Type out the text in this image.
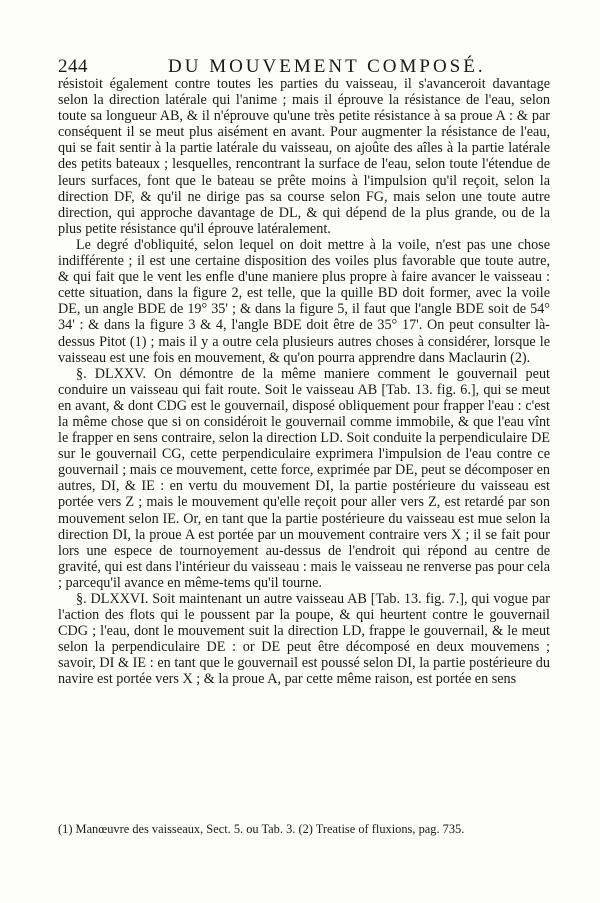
244	DU MOUVEMENT COMPOSÉ.

résistoit également contre toutes les parties du vaisseau, il s'avanceroit davantage selon la direction latérale qui l'anime ; mais il éprouve la résistance de l'eau, selon toute sa longueur AB, & il n'éprouve qu'une très petite résistance à sa proue A : & par conséquent il se meut plus aisément en avant. Pour augmenter la résistance de l'eau, qui se fait sentir à la partie latérale du vaisseau, on ajoûte des aîles à la partie latérale des petits bateaux ; lesquelles, rencontrant la surface de l'eau, selon toute l'étendue de leurs surfaces, font que le bateau se prête moins à l'impulsion qu'il reçoit, selon la direction DF, & qu'il ne dirige pas sa course selon FG, mais selon une toute autre direction, qui approche davantage de DL, & qui dépend de la plus grande, ou de la plus petite résistance qu'il éprouve latéralement.

Le degré d'obliquité, selon lequel on doit mettre à la voile, n'est pas une chose indifférente ; il est une certaine disposition des voiles plus favorable que toute autre, & qui fait que le vent les enfle d'une maniere plus propre à faire avancer le vaisseau : cette situation, dans la figure 2, est telle, que la quille BD doit former, avec la voile DE, un angle BDE de 19° 35' ; & dans la figure 5, il faut que l'angle BDE soit de 54° 34' : & dans la figure 3 & 4, l'angle BDE doit être de 35° 17'. On peut consulter là-dessus Pitot (1) ; mais il y a outre cela plusieurs autres choses à considérer, lorsque le vaisseau est une fois en mouvement, & qu'on pourra apprendre dans Maclaurin (2).

§. DLXXV. On démontre de la même maniere comment le gouvernail peut conduire un vaisseau qui fait route. Soit le vaisseau AB [Tab. 13. fig. 6.], qui se meut en avant, & dont CDG est le gouvernail, disposé obliquement pour frapper l'eau : c'est la même chose que si on considéroit le gouvernail comme immobile, & que l'eau vînt le frapper en sens contraire, selon la direction LD. Soit conduite la perpendiculaire DE sur le gouvernail CG, cette perpendiculaire exprimera l'impulsion de l'eau contre ce gouvernail ; mais ce mouvement, cette force, exprimée par DE, peut se décomposer en autres, DI, & IE : en vertu du mouvement DI, la partie postérieure du vaisseau est portée vers Z ; mais le mouvement qu'elle reçoit pour aller vers Z, est retardé par son mouvement selon IE. Or, en tant que la partie postérieure du vaisseau est mue selon la direction DI, la proue A est portée par un mouvement contraire vers X ; il se fait pour lors une espece de tournoyement au-dessus de l'endroit qui répond au centre de gravité, qui est dans l'intérieur du vaisseau : mais le vaisseau ne renverse pas pour cela ; parcequ'il avance en même-tems qu'il tourne.

§. DLXXVI. Soit maintenant un autre vaisseau AB [Tab. 13. fig. 7.], qui vogue par l'action des flots qui le poussent par la poupe, & qui heurtent contre le gouvernail CDG ; l'eau, dont le mouvement suit la direction LD, frappe le gouvernail, & le meut selon la perpendiculaire DE : or DE peut être décomposé en deux mouvemens ; savoir, DI & IE : en tant que le gouvernail est poussé selon DI, la partie postérieure du navire est portée vers X ; & la proue A, par cette même raison, est portée en sens

(1) Manœuvre des vaisseaux, Sect. 5. ou Tab. 3. (2) Treatise of fluxions, pag. 735.
